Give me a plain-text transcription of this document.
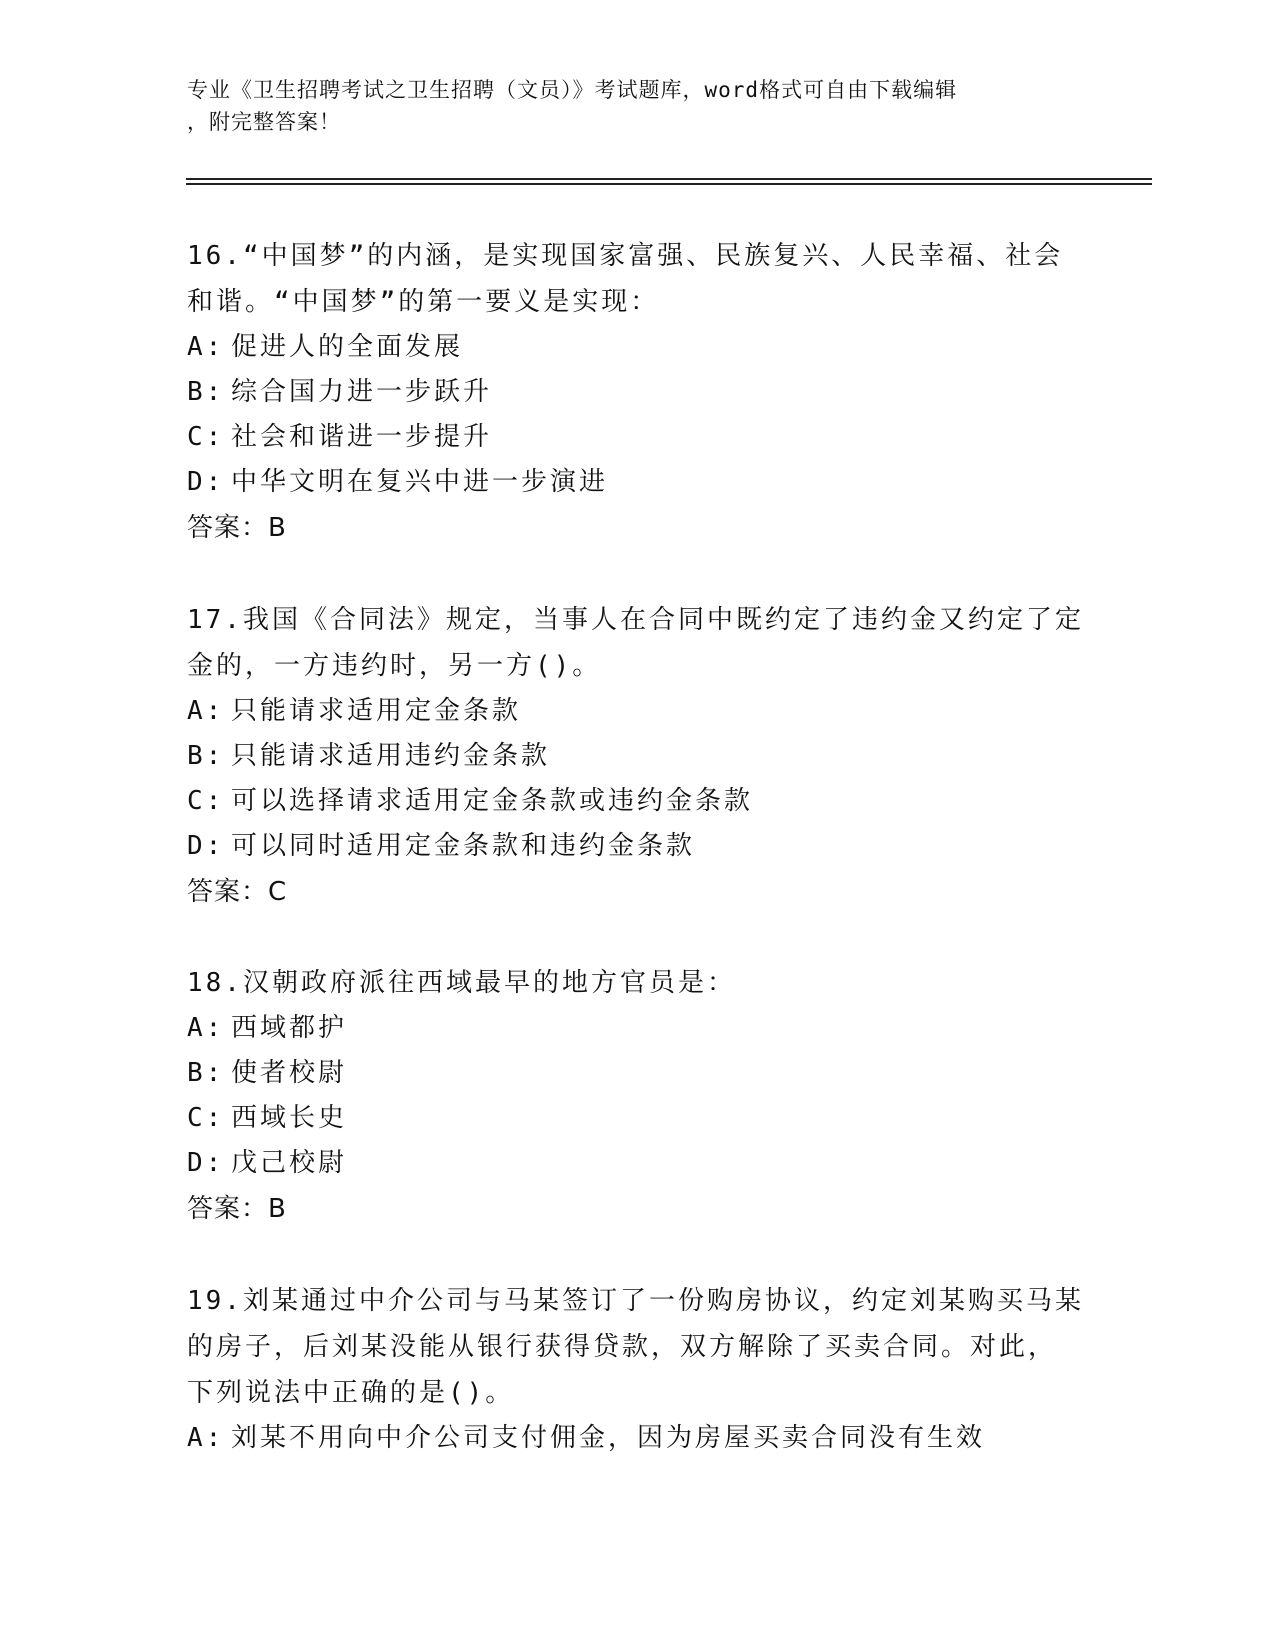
专业《卫生招聘考试之卫生招聘（文员）》考试题库，word格式可自由下载编辑
，附完整答案！
16.“中国梦”的内涵，是实现国家富强、民族复兴、人民幸福、社会
和谐。“中国梦”的第一要义是实现：
A: 促进人的全面发展
B: 综合国力进一步跃升
C: 社会和谐进一步提升
D: 中华文明在复兴中进一步演进
答案：B
17.我国《合同法》规定，当事人在合同中既约定了违约金又约定了定
金的，一方违约时，另一方()。
A: 只能请求适用定金条款
B: 只能请求适用违约金条款
C: 可以选择请求适用定金条款或违约金条款
D: 可以同时适用定金条款和违约金条款
答案：C
18.汉朝政府派往西域最早的地方官员是：
A: 西域都护
B: 使者校尉
C: 西域长史
D: 戊己校尉
答案：B
19.刘某通过中介公司与马某签订了一份购房协议，约定刘某购买马某
的房子，后刘某没能从银行获得贷款，双方解除了买卖合同。对此，
下列说法中正确的是()。
A: 刘某不用向中介公司支付佣金，因为房屋买卖合同没有生效
